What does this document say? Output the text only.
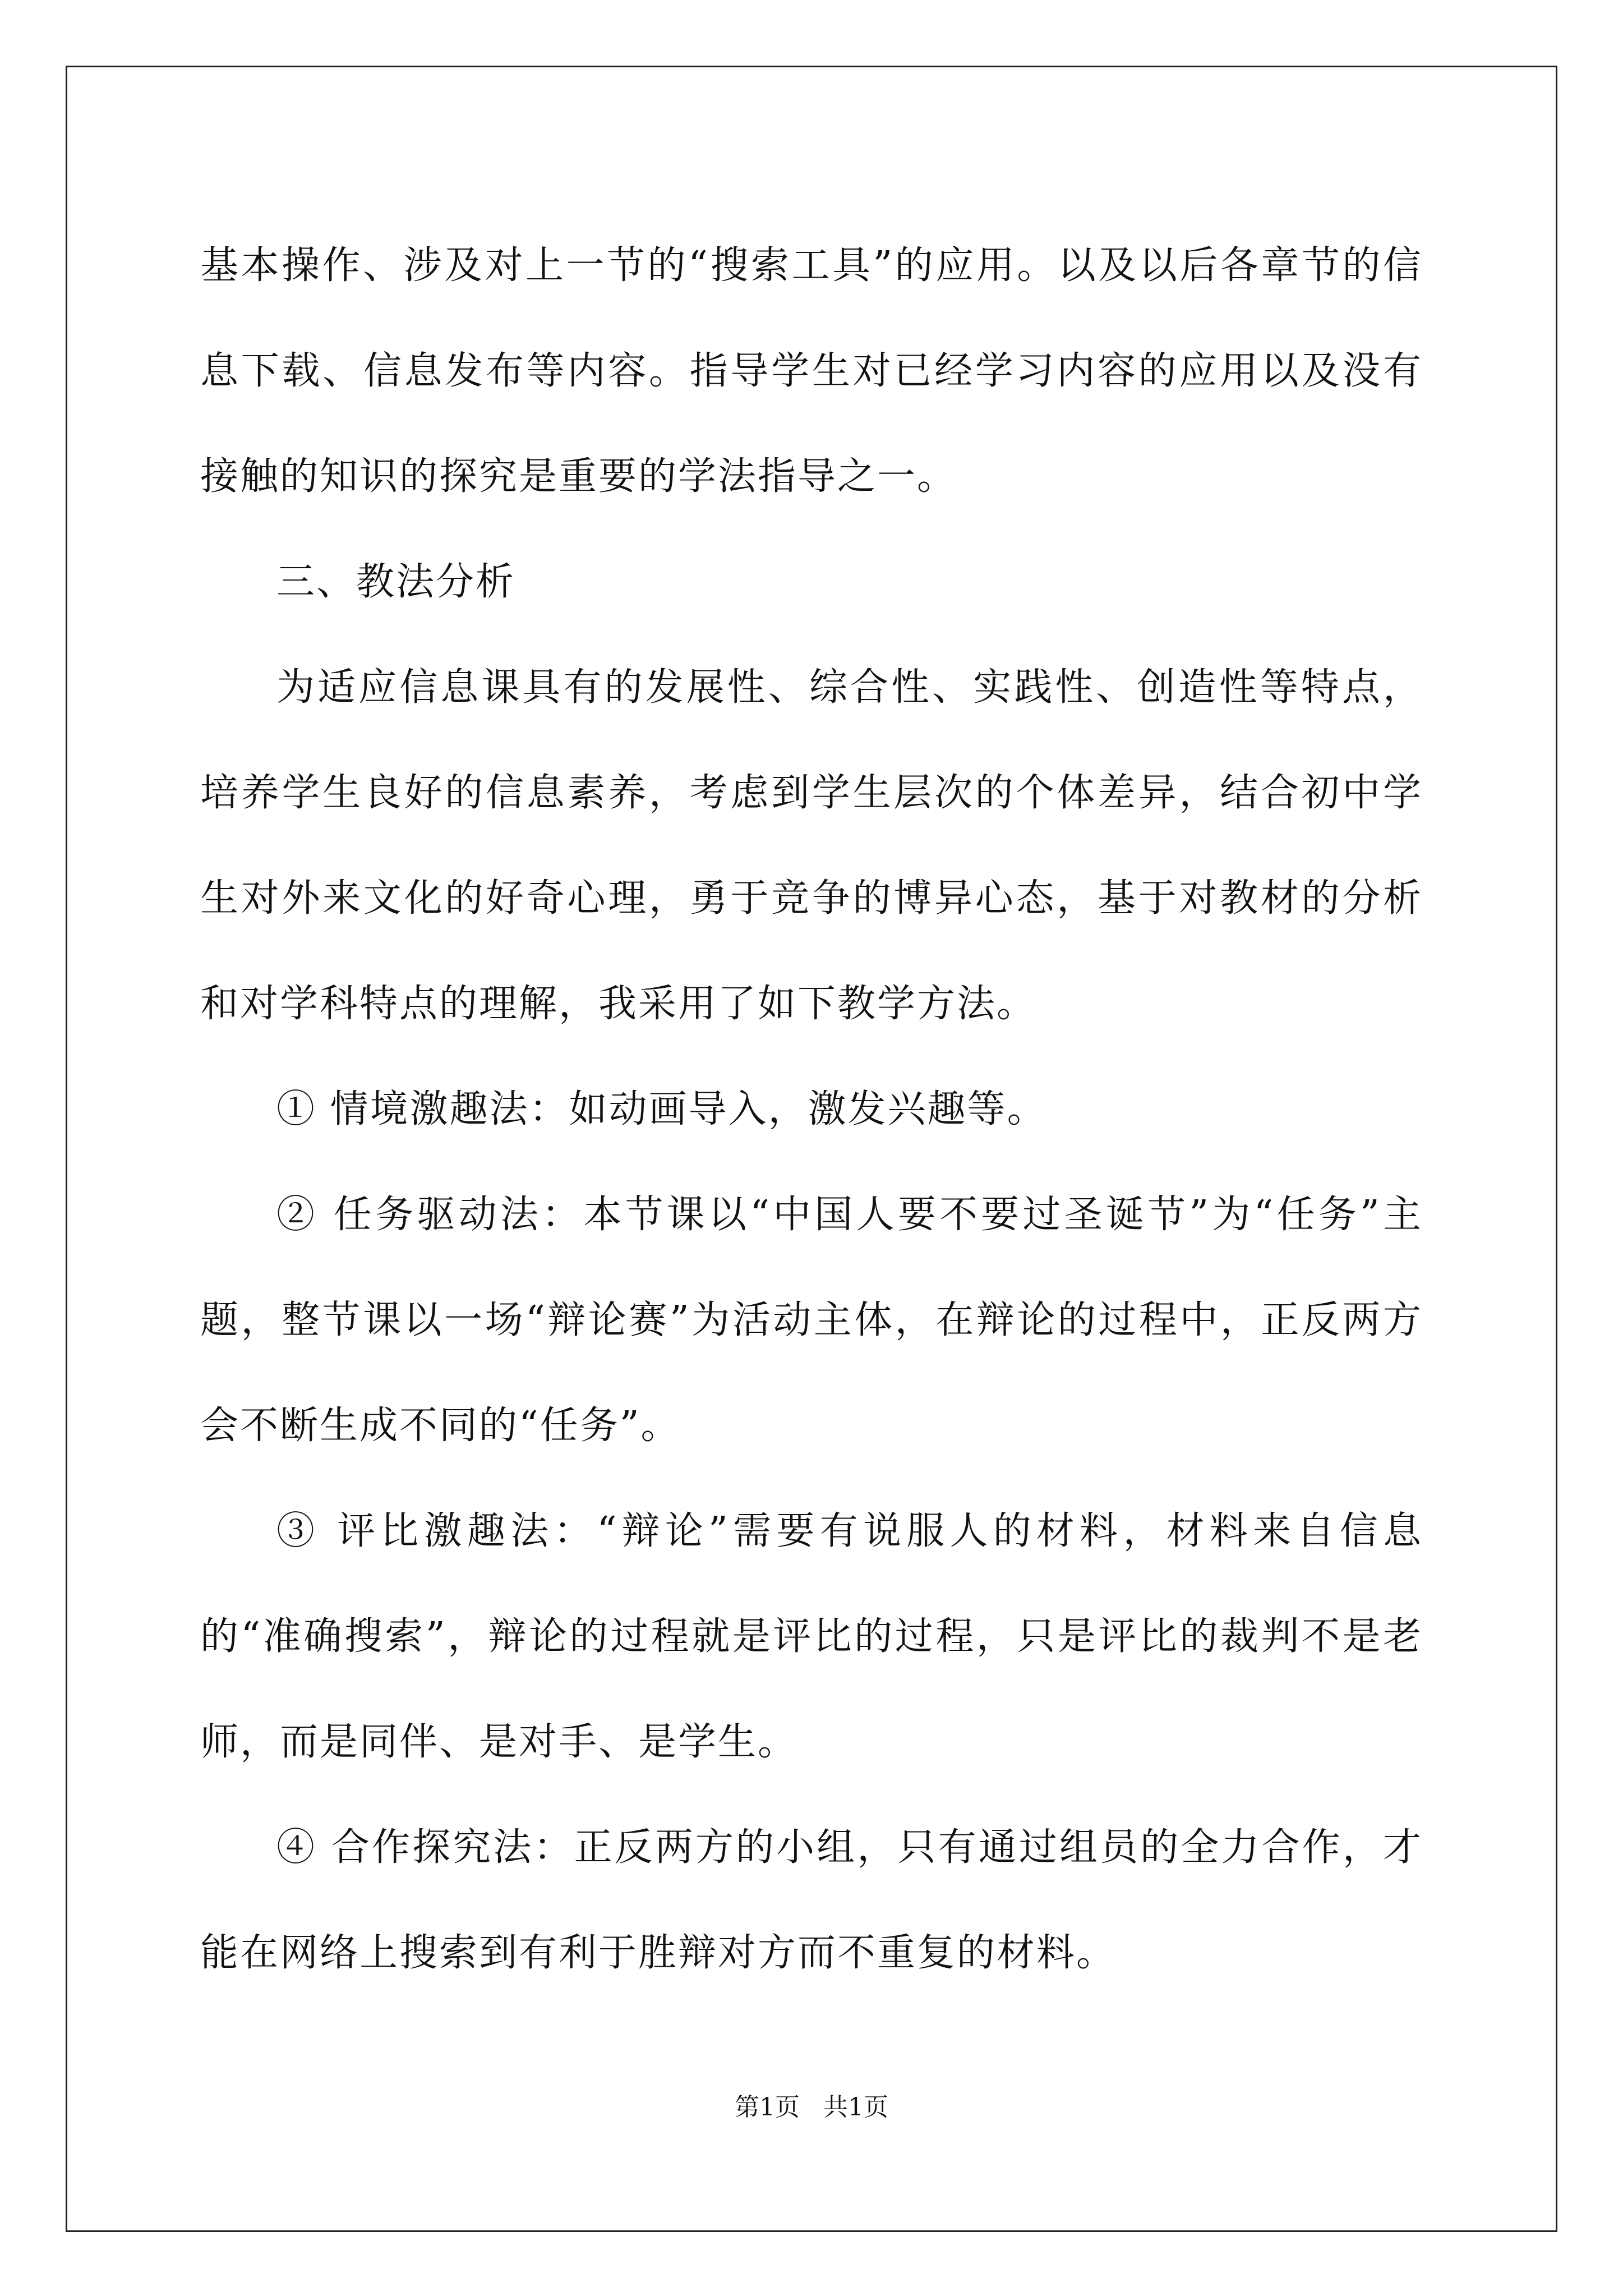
基本操作、涉及对上一节的“搜索工具”的应用。以及以后各章节的信息下载、信息发布等内容。指导学生对已经学习内容的应用以及没有接触的知识的探究是重要的学法指导之一。

三、教法分析

为适应信息课具有的发展性、综合性、实践性、创造性等特点，培养学生良好的信息素养，考虑到学生层次的个体差异，结合初中学生对外来文化的好奇心理，勇于竞争的博异心态，基于对教材的分析和对学科特点的理解，我采用了如下教学方法。

① 情境激趣法：如动画导入，激发兴趣等。

② 任务驱动法：本节课以“中国人要不要过圣诞节”为“任务”主题，整节课以一场“辩论赛”为活动主体，在辩论的过程中，正反两方会不断生成不同的“任务”。

③ 评比激趣法：“辩论”需要有说服人的材料，材料来自信息的“准确搜索”，辩论的过程就是评比的过程，只是评比的裁判不是老师，而是同伴、是对手、是学生。

④ 合作探究法：正反两方的小组，只有通过组员的全力合作，才能在网络上搜索到有利于胜辩对方而不重复的材料。

第1页 共1页
